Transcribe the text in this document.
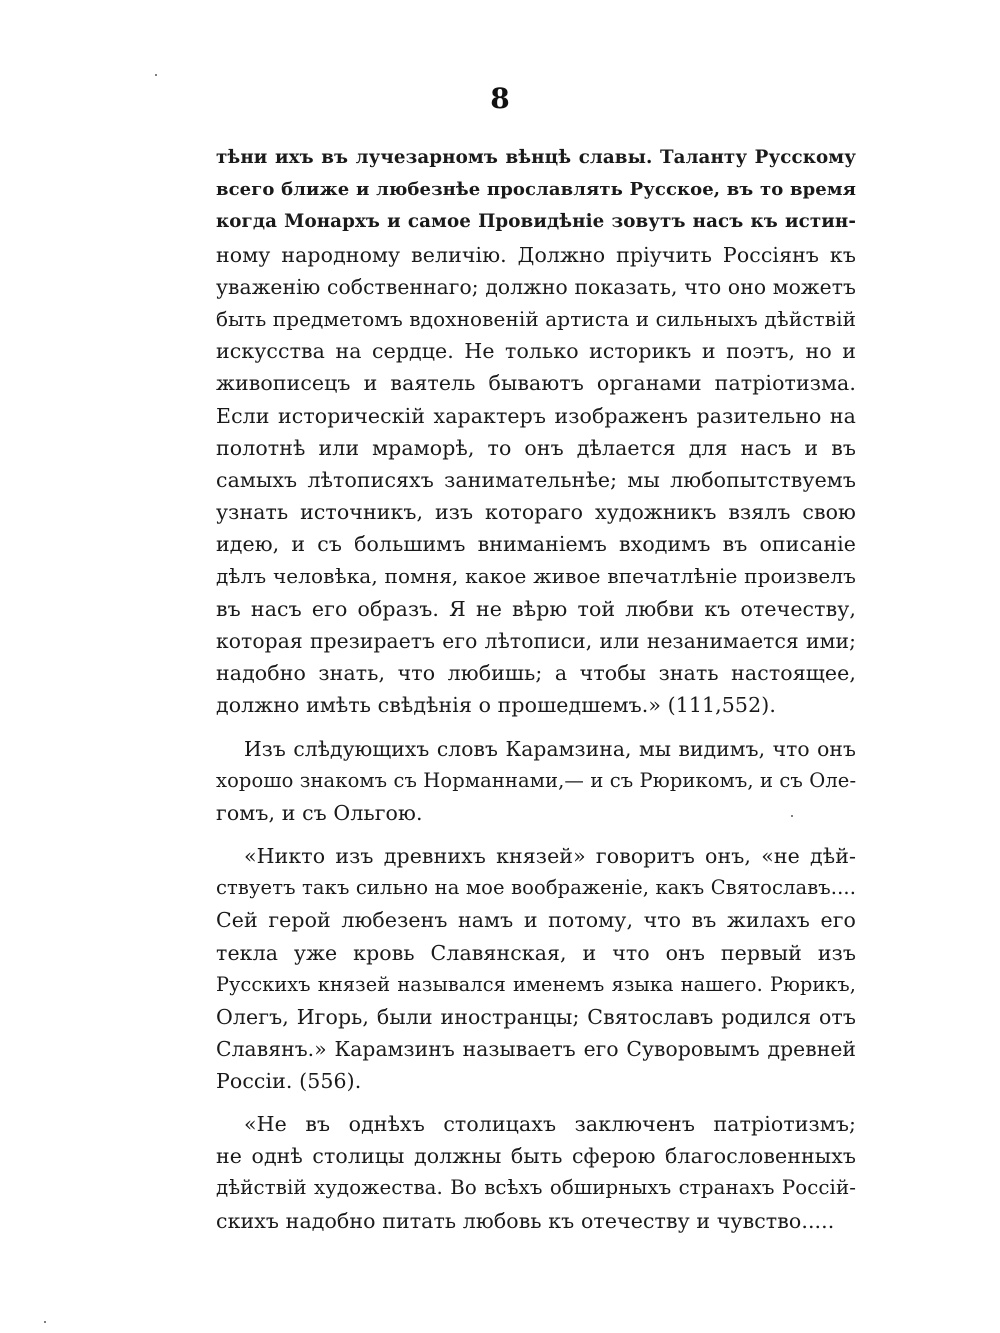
8
тѣни ихъ въ лучезарномъ вѣнцѣ славы. Таланту Русскому
всего ближе и любезнѣе прославлять Русское, въ то время
когда Монархъ и самое Провидѣніе зовутъ насъ къ истин-
ному народному величію. Должно пріучить Россіянъ къ
уваженію собственнаго; должно показать, что оно можетъ
быть предметомъ вдохновеній артиста и сильныхъ дѣйствій
искусства на сердце. Не только историкъ и поэтъ, но и
живописецъ и ваятель бываютъ органами патріотизма.
Если историческій характеръ изображенъ разительно на
полотнѣ или мраморѣ, то онъ дѣлается для насъ и въ
самыхъ лѣтописяхъ занимательнѣе; мы любопытствуемъ
узнать источникъ, изъ котораго художникъ взялъ свою
идею, и съ большимъ вниманіемъ входимъ въ описаніе
дѣлъ человѣка, помня, какое живое впечатлѣніе произвелъ
въ насъ его образъ. Я не вѣрю той любви къ отечеству,
которая презираетъ его лѣтописи, или незанимается ими;
надобно знать, что любишь; а чтобы знать настоящее,
должно имѣть свѣдѣнія о прошедшемъ.» (111,552).
Изъ слѣдующихъ словъ Карамзина, мы видимъ, что онъ
хорошо знакомъ съ Норманнами,— и съ Рюрикомъ, и съ Оле-
гомъ, и съ Ольгою.
«Никто изъ древнихъ князей» говоритъ онъ, «не дѣй-
ствуетъ такъ сильно на мое воображеніе, какъ Святославъ....
Сей герой любезенъ намъ и потому, что въ жилахъ его
текла уже кровь Славянская, и что онъ первый изъ
Русскихъ князей назывался именемъ языка нашего. Рюрикъ,
Олегъ, Игорь, были иностранцы; Святославъ родился отъ
Славянъ.» Карамзинъ называетъ его Суворовымъ древней
Россіи. (556).
«Не въ однѣхъ столицахъ заключенъ патріотизмъ;
не однѣ столицы должны быть сферою благословенныхъ
дѣйствій художества. Во всѣхъ обширныхъ странахъ Россій-
скихъ надобно питать любовь къ отечеству и чувство.....
